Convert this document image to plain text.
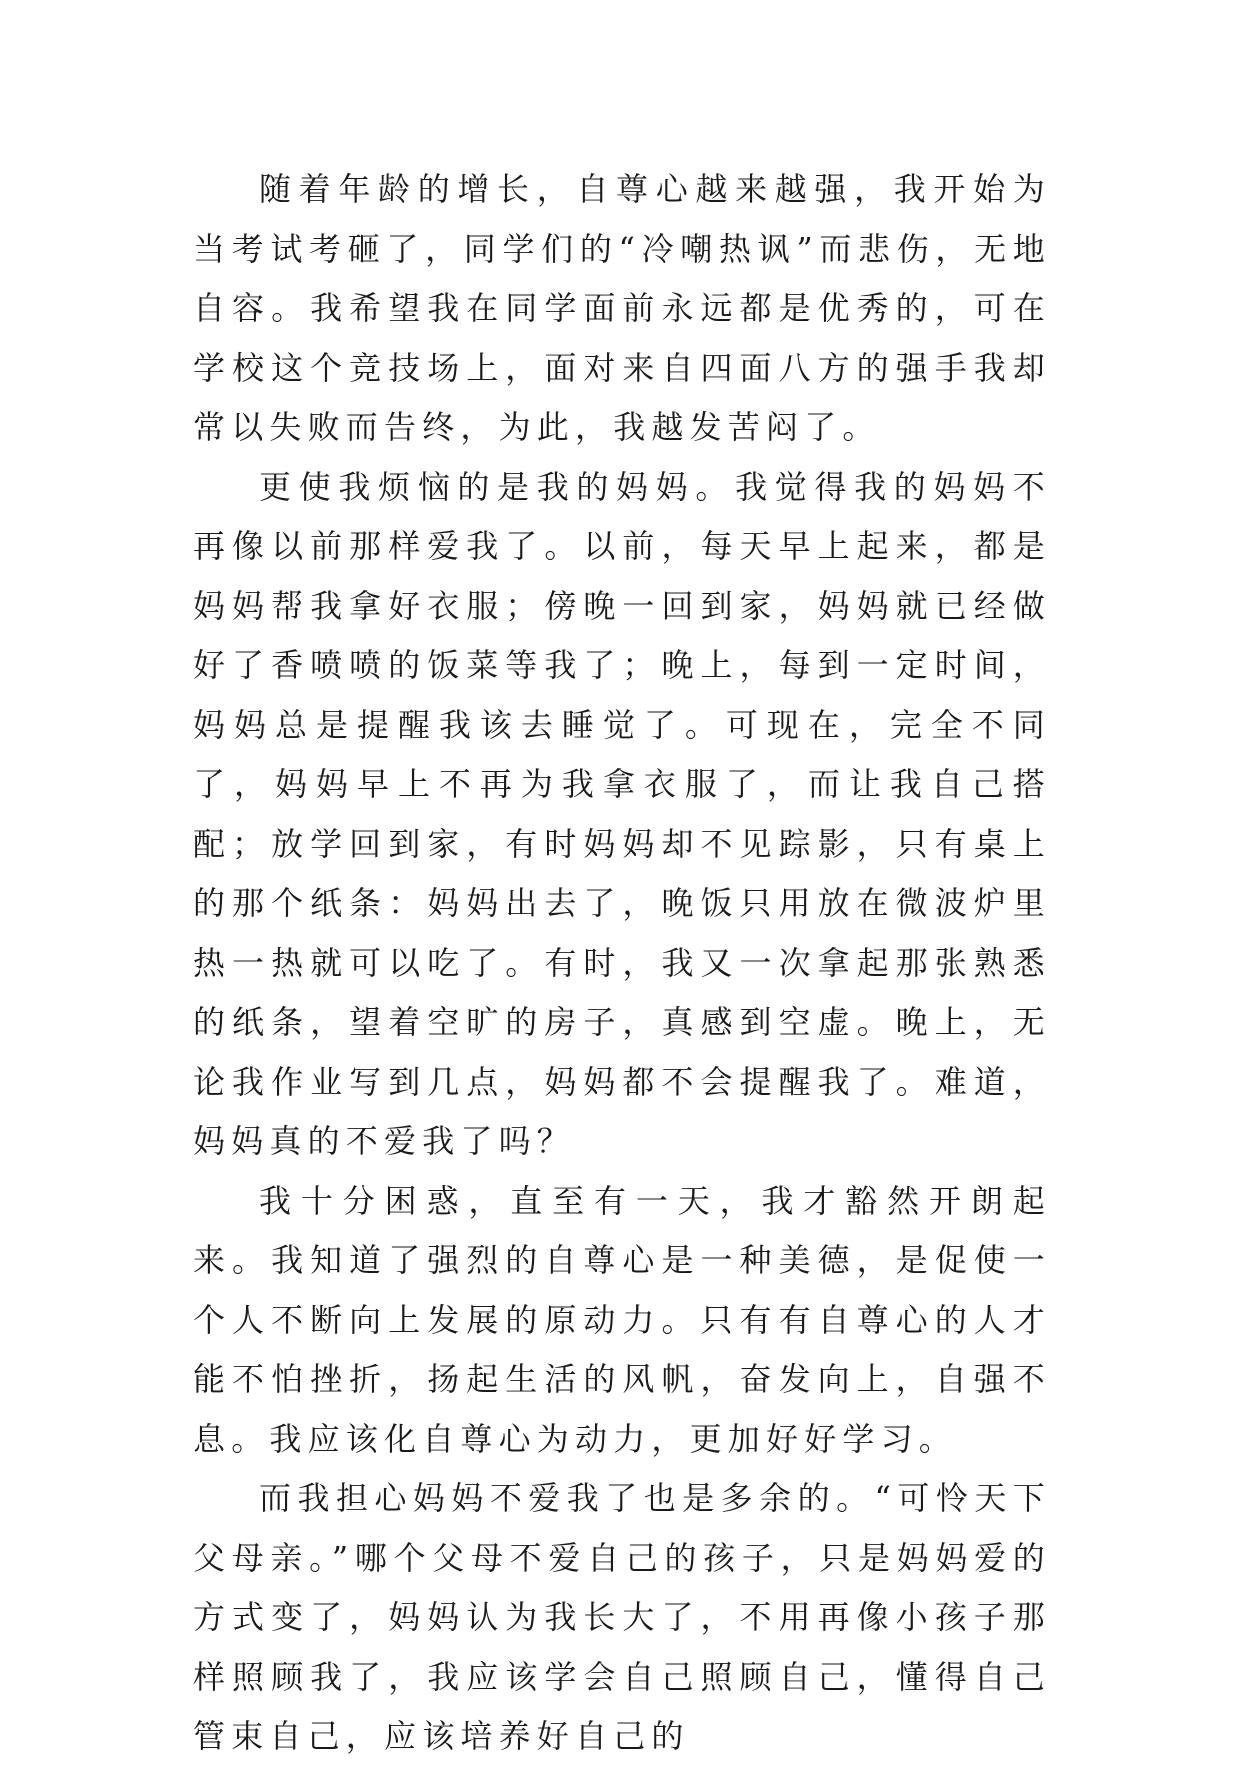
随着年龄的增长，自尊心越来越强，我开始为当考试考砸了，同学们的“冷嘲热讽”而悲伤，无地自容。我希望我在同学面前永远都是优秀的，可在学校这个竞技场上，面对来自四面八方的强手我却常以失败而告终，为此，我越发苦闷了。

更使我烦恼的是我的妈妈。我觉得我的妈妈不再像以前那样爱我了。以前，每天早上起来，都是妈妈帮我拿好衣服；傍晚一回到家，妈妈就已经做好了香喷喷的饭菜等我了；晚上，每到一定时间，妈妈总是提醒我该去睡觉了。可现在，完全不同了，妈妈早上不再为我拿衣服了，而让我自己搭配；放学回到家，有时妈妈却不见踪影，只有桌上的那个纸条：妈妈出去了，晚饭只用放在微波炉里热一热就可以吃了。有时，我又一次拿起那张熟悉的纸条，望着空旷的房子，真感到空虚。晚上，无论我作业写到几点，妈妈都不会提醒我了。难道，妈妈真的不爱我了吗？

我十分困惑，直至有一天，我才豁然开朗起来。我知道了强烈的自尊心是一种美德，是促使一个人不断向上发展的原动力。只有有自尊心的人才能不怕挫折，扬起生活的风帆，奋发向上，自强不息。我应该化自尊心为动力，更加好好学习。

而我担心妈妈不爱我了也是多余的。“可怜天下父母亲。”哪个父母不爱自己的孩子，只是妈妈爱的方式变了，妈妈认为我长大了，不用再像小孩子那样照顾我了，我应该学会自己照顾自己，懂得自己管束自己，应该培养好自己的
